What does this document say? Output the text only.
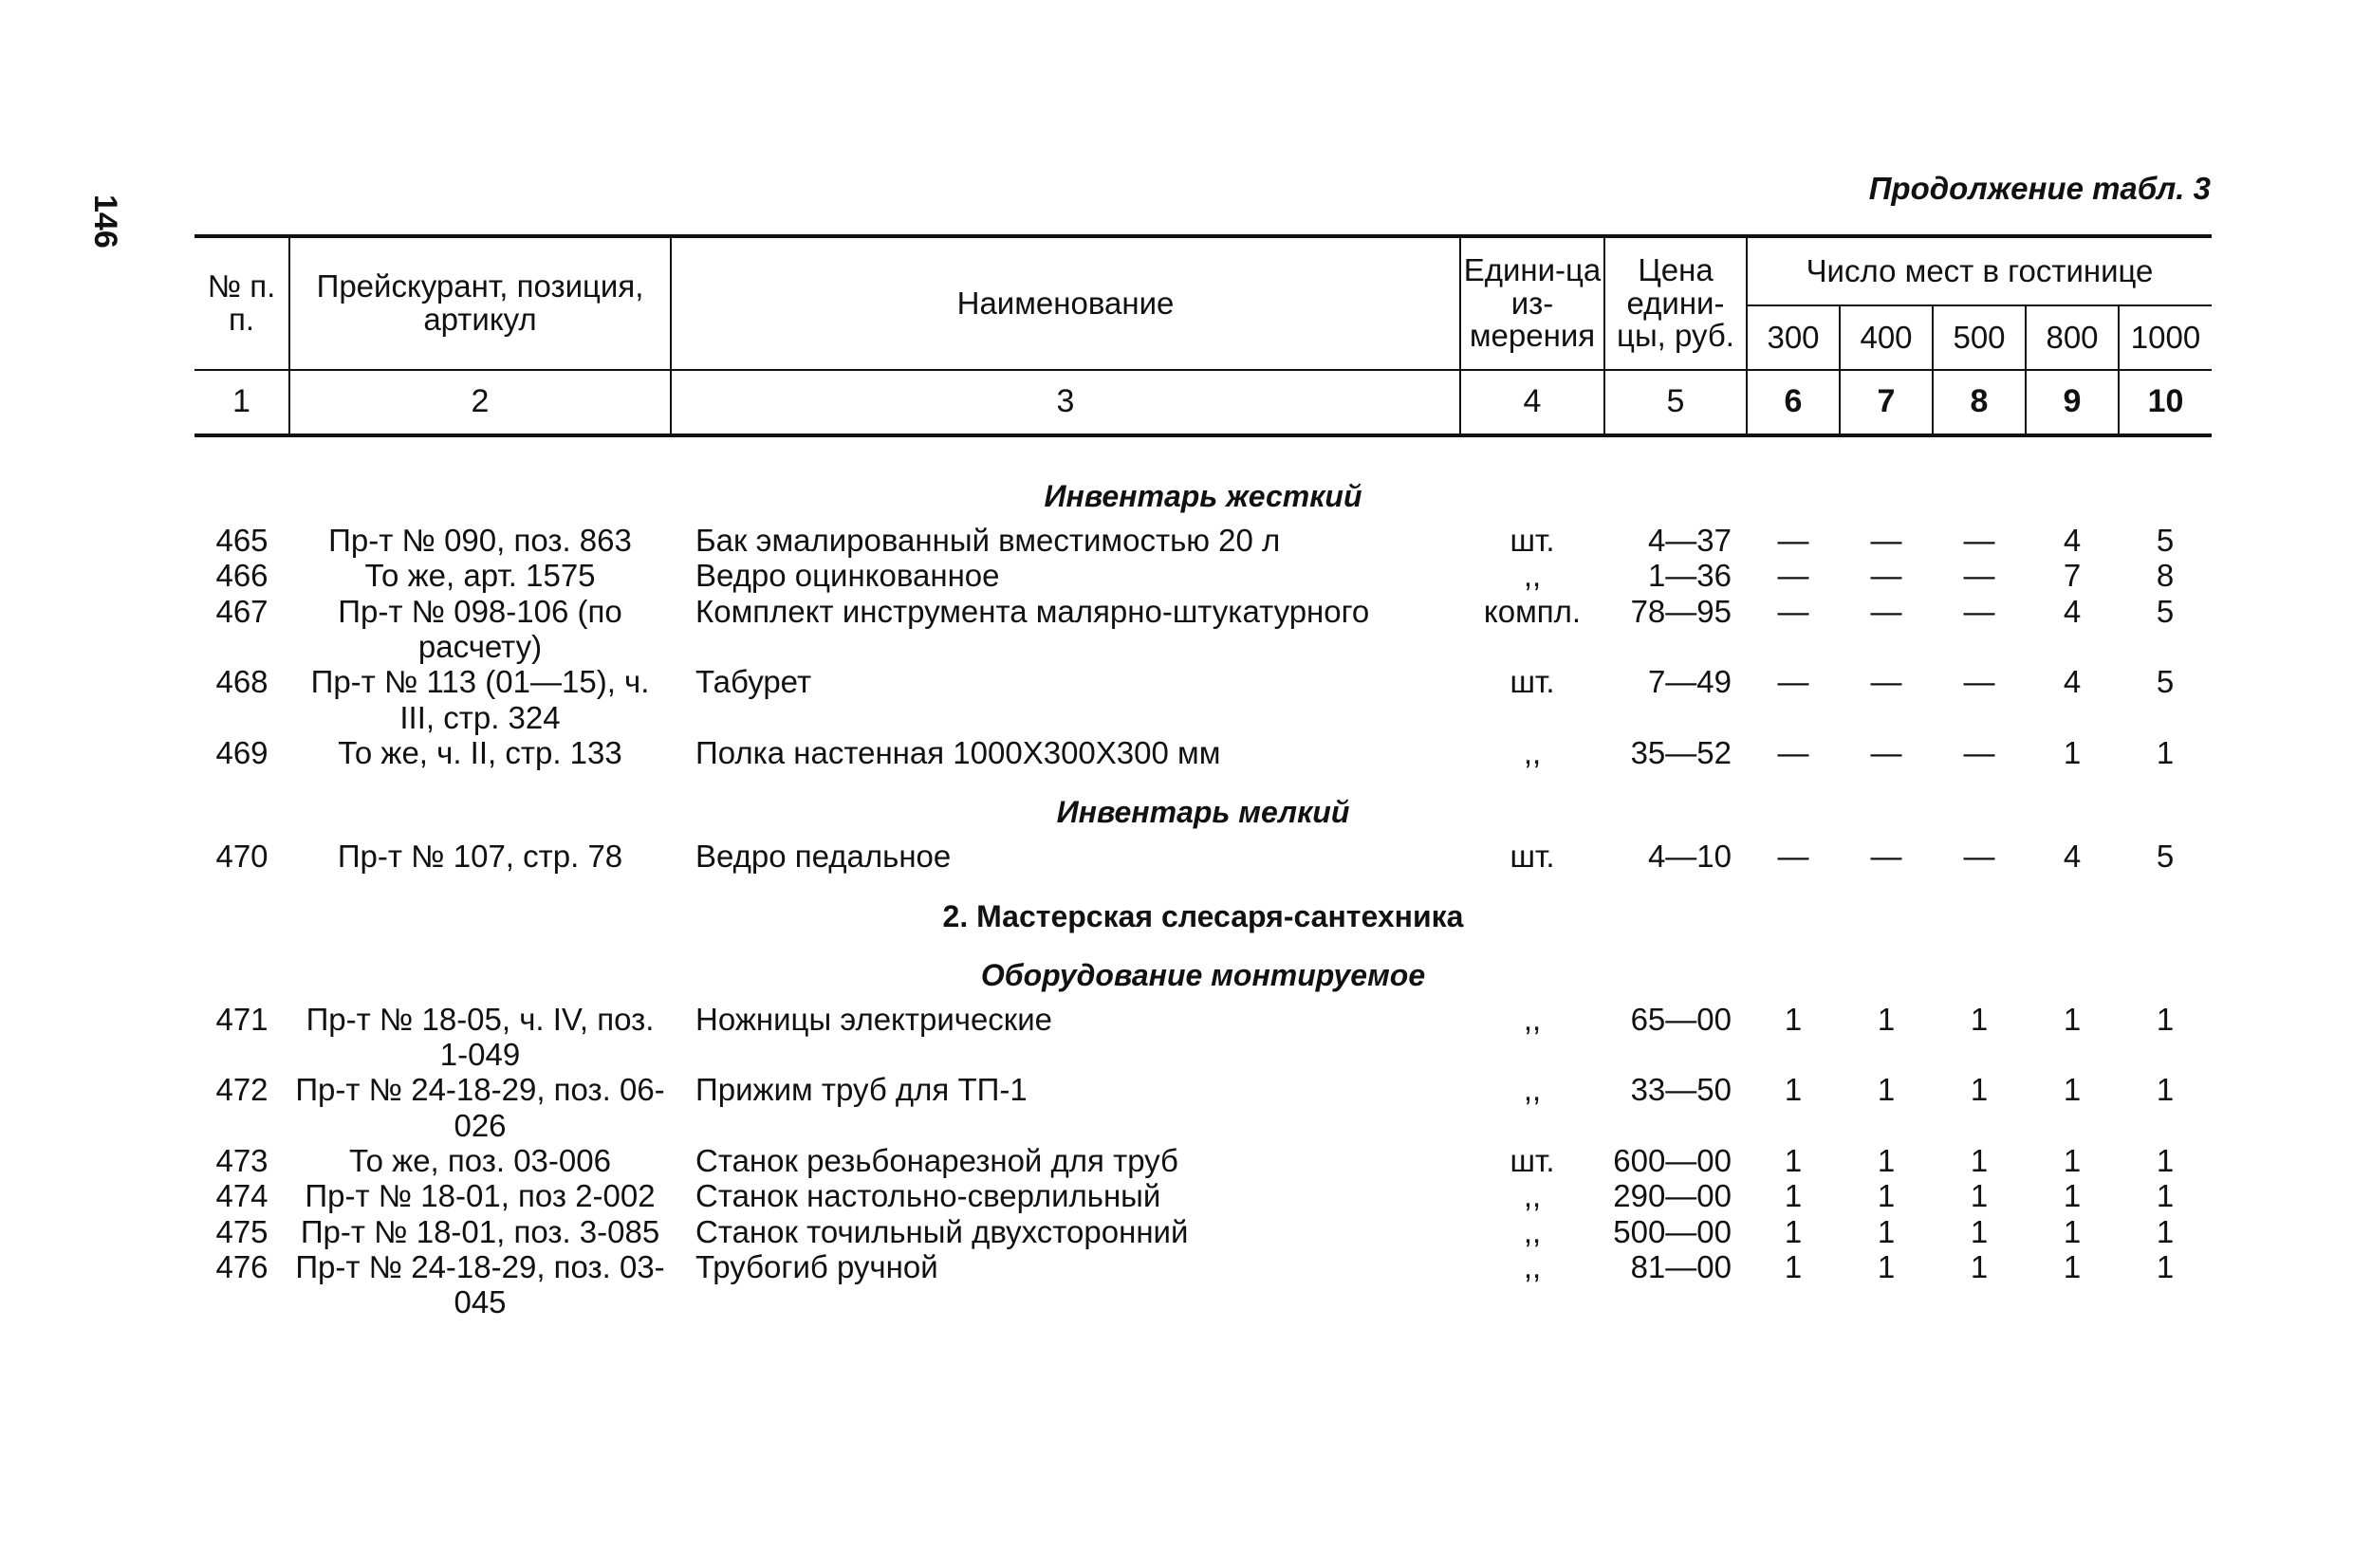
146
Продолжение табл. 3
№ п. п.	Прейскурант, позиция, артикул	Наименование	Едини-ца из-мерения	Цена едини-цы, руб.	Число мест в гостинице				
					300	400	500	800	1000
1	2	3	4	5	6	7	8	9	10
Инвентарь жесткий									
465	Пр-т № 090, поз. 863	Бак эмалированный вместимостью 20 л	шт.	4—37	—	—	—	4	5
466	То же, арт. 1575	Ведро оцинкованное	,,	1—36	—	—	—	7	8
467	Пр-т № 098-106 (по расчету)	Комплект инструмента малярно-штукатурного	компл.	78—95	—	—	—	4	5
468	Пр-т № 113 (01—15), ч. III, стр. 324	Табурет	шт.	7—49	—	—	—	4	5
469	То же, ч. II, стр. 133	Полка настенная 1000Х300Х300 мм	,,	35—52	—	—	—	1	1
Инвентарь мелкий									
470	Пр-т № 107, стр. 78	Ведро педальное	шт.	4—10	—	—	—	4	5
2. Мастерская слесаря-сантехника									
Оборудование монтируемое									
471	Пр-т № 18-05, ч. IV, поз. 1-049	Ножницы электрические	,,	65—00	1	1	1	1	1
472	Пр-т № 24-18-29, поз. 06-026	Прижим труб для ТП-1	,,	33—50	1	1	1	1	1
473	То же, поз. 03-006	Станок резьбонарезной для труб	шт.	600—00	1	1	1	1	1
474	Пр-т № 18-01, поз 2-002	Станок настольно-сверлильный	,,	290—00	1	1	1	1	1
475	Пр-т № 18-01, поз. 3-085	Станок точильный двухсторонний	,,	500—00	1	1	1	1	1
476	Пр-т № 24-18-29, поз. 03-045	Трубогиб ручной	,,	81—00	1	1	1	1	1
